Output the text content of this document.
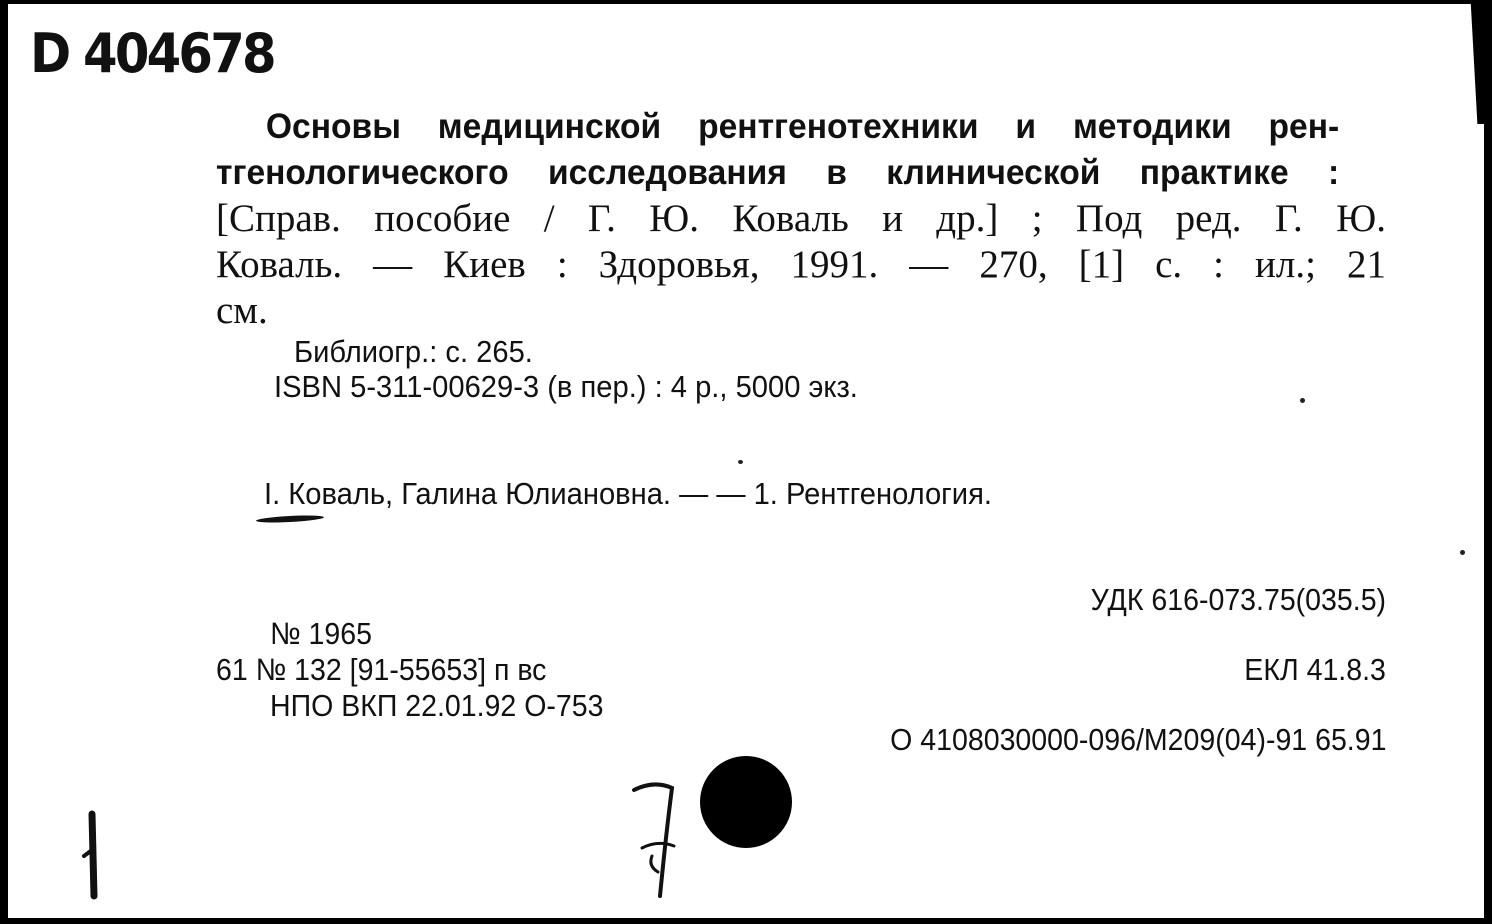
D 404678
Основы медицинской рентгенотехники и методики рен-
тгенологического исследования в клинической практике :
[Справ. пособие / Г. Ю. Коваль и др.] ; Под ред. Г. Ю.
Коваль. — Киев : Здоровья, 1991. — 270, [1] с. : ил.; 21
см.
Библиогр.: с. 265.
ISBN 5-311-00629-3 (в пер.) : 4 р., 5000 экз.
I. Коваль, Галина Юлиановна. — — 1. Рентгенология.
УДК 616-073.75(035.5)
ЕКЛ 41.8.3
О 4108030000-096/М209(04)-91 65.91
№ 1965
61 № 132 [91-55653] п вс
НПО ВКП 22.01.92 О-753
